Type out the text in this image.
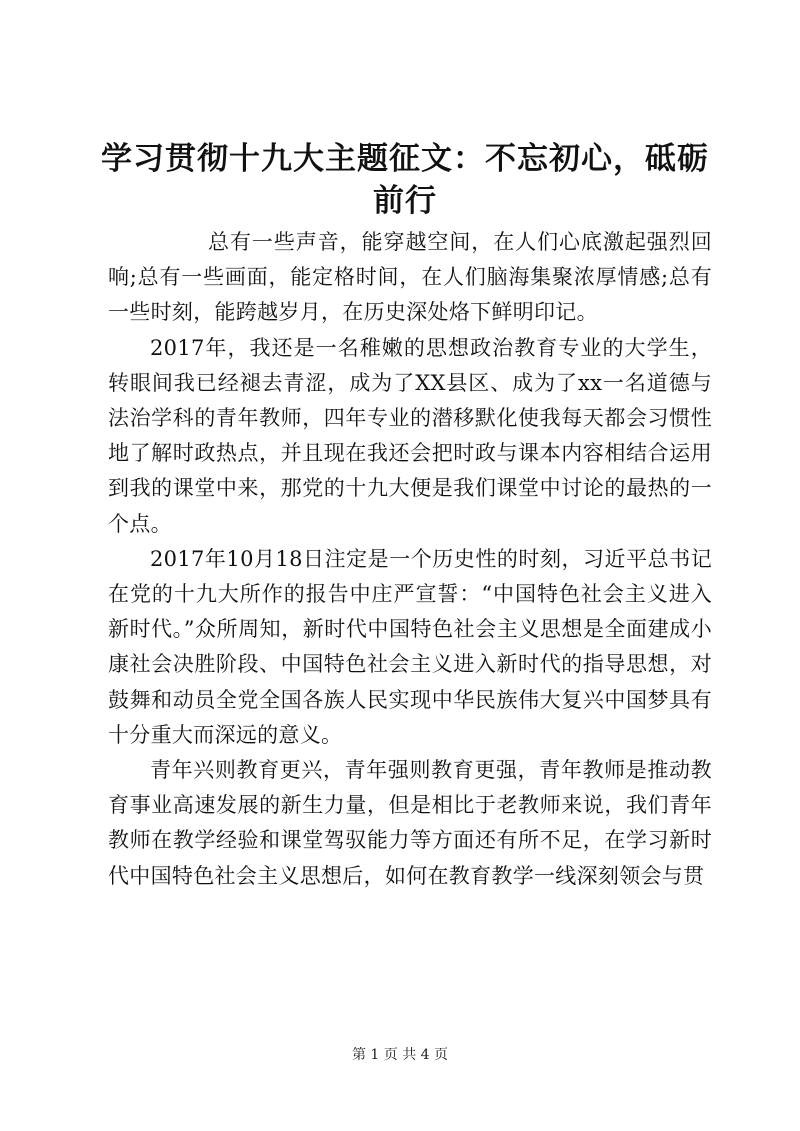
学习贯彻十九大主题征文：不忘初心，砥砺前行

总有一些声音，能穿越空间，在人们心底激起强烈回响;总有一些画面，能定格时间，在人们脑海集聚浓厚情感;总有一些时刻，能跨越岁月，在历史深处烙下鲜明印记。

2017年，我还是一名稚嫩的思想政治教育专业的大学生，转眼间我已经褪去青涩，成为了XX县区、成为了xx一名道德与法治学科的青年教师，四年专业的潜移默化使我每天都会习惯性地了解时政热点，并且现在我还会把时政与课本内容相结合运用到我的课堂中来，那党的十九大便是我们课堂中讨论的最热的一个点。

2017年10月18日注定是一个历史性的时刻，习近平总书记在党的十九大所作的报告中庄严宣誓：“中国特色社会主义进入新时代。”众所周知，新时代中国特色社会主义思想是全面建成小康社会决胜阶段、中国特色社会主义进入新时代的指导思想，对鼓舞和动员全党全国各族人民实现中华民族伟大复兴中国梦具有十分重大而深远的意义。

青年兴则教育更兴，青年强则教育更强，青年教师是推动教育事业高速发展的新生力量，但是相比于老教师来说，我们青年教师在教学经验和课堂驾驭能力等方面还有所不足，在学习新时代中国特色社会主义思想后，如何在教育教学一线深刻领会与贯

第 1 页 共 4 页
